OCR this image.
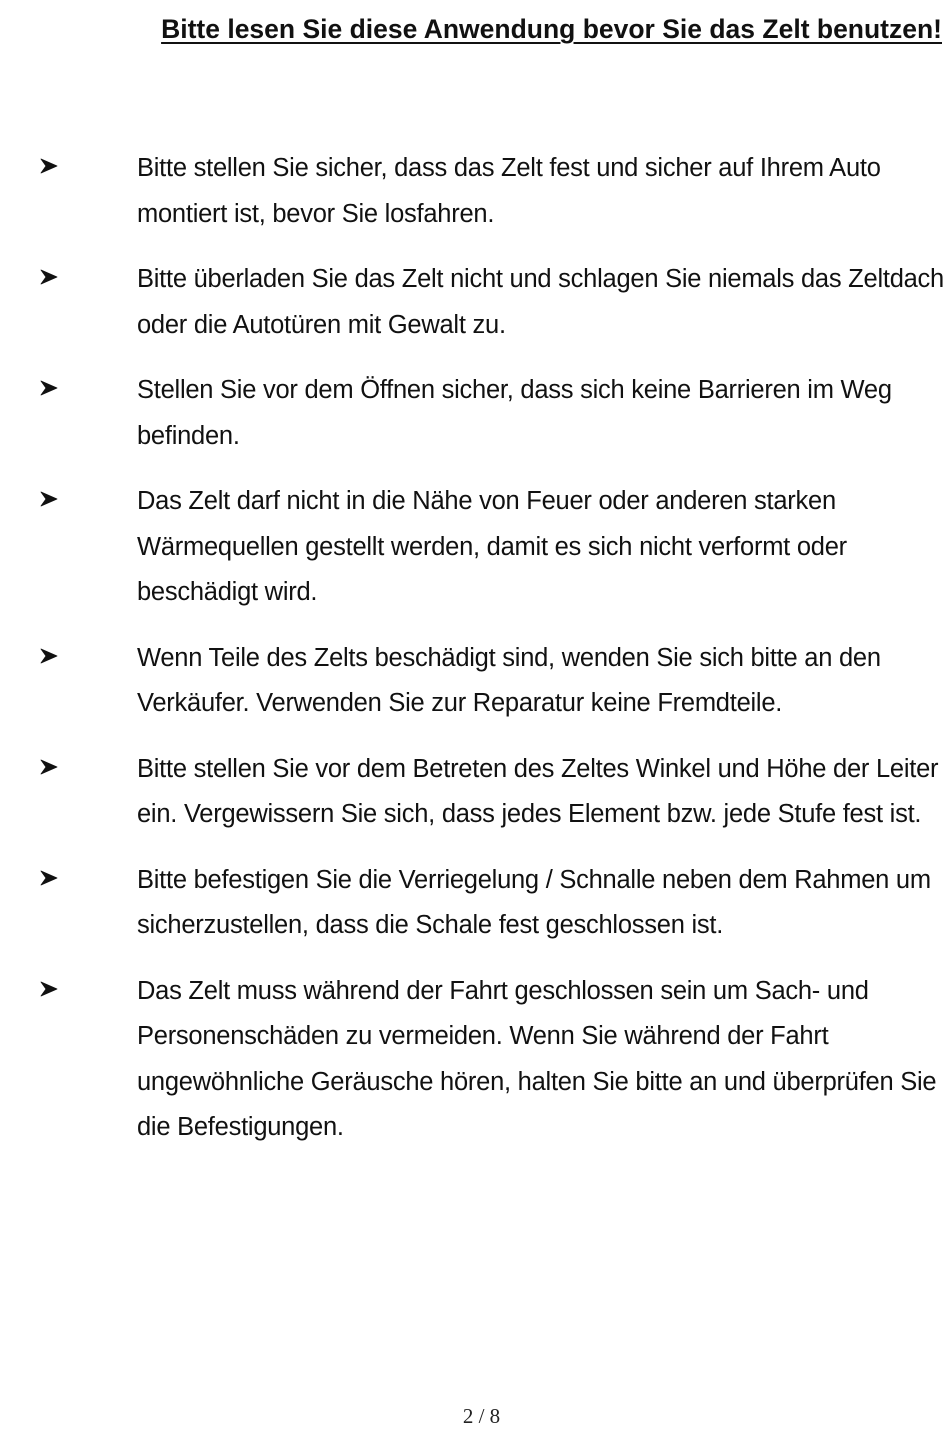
Bitte lesen Sie diese Anwendung bevor Sie das Zelt benutzen!
Bitte stellen Sie sicher, dass das Zelt fest und sicher auf Ihrem Auto montiert ist, bevor Sie losfahren.
Bitte überladen Sie das Zelt nicht und schlagen Sie niemals das Zeltdach oder die Autotüren mit Gewalt zu.
Stellen Sie vor dem Öffnen sicher, dass sich keine Barrieren im Weg befinden.
Das Zelt darf nicht in die Nähe von Feuer oder anderen starken Wärmequellen gestellt werden, damit es sich nicht verformt oder beschädigt wird.
Wenn Teile des Zelts beschädigt sind, wenden Sie sich bitte an den Verkäufer. Verwenden Sie zur Reparatur keine Fremdteile.
Bitte stellen Sie vor dem Betreten des Zeltes Winkel und Höhe der Leiter ein. Vergewissern Sie sich, dass jedes Element bzw. jede Stufe fest ist.
Bitte befestigen Sie die Verriegelung / Schnalle neben dem Rahmen um sicherzustellen, dass die Schale fest geschlossen ist.
Das Zelt muss während der Fahrt geschlossen sein um Sach- und Personenschäden zu vermeiden. Wenn Sie während der Fahrt ungewöhnliche Geräusche hören, halten Sie bitte an und überprüfen Sie die Befestigungen.
2 / 8
